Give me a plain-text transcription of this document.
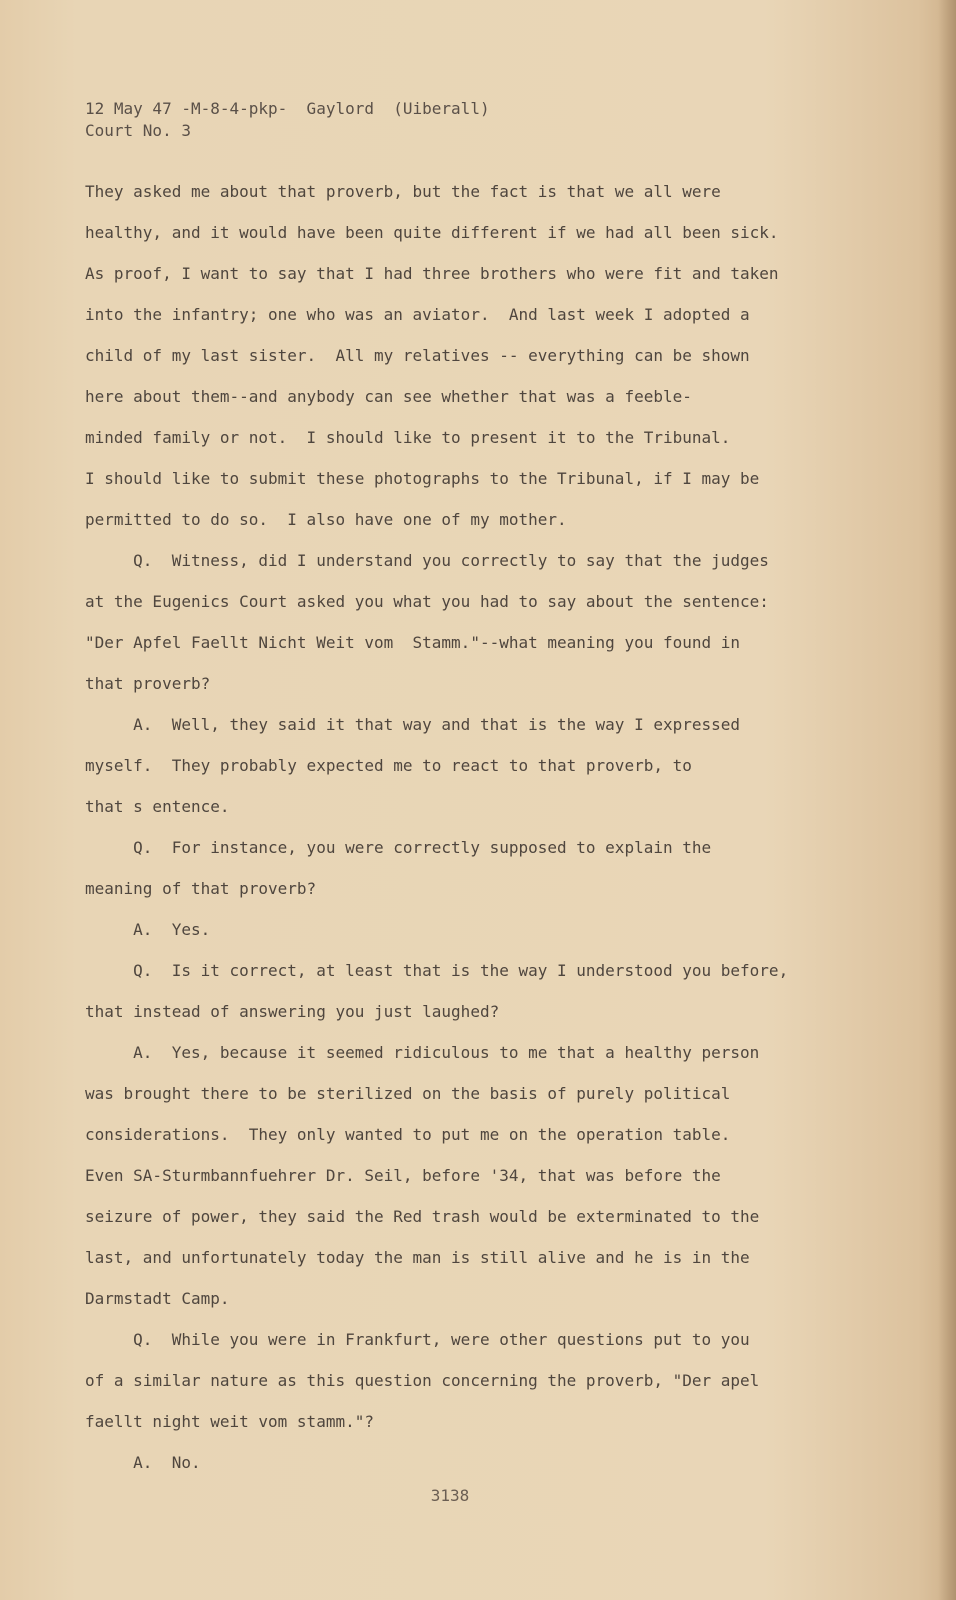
12 May 47 -M-8-4-pkp-  Gaylord  (Uiberall)
Court No. 3
They asked me about that proverb, but the fact is that we all were
healthy, and it would have been quite different if we had all been sick.
As proof, I want to say that I had three brothers who were fit and taken
into the infantry; one who was an aviator.  And last week I adopted a
child of my last sister.  All my relatives -- everything can be shown
here about them--and anybody can see whether that was a feeble-
minded family or not.  I should like to present it to the Tribunal.
I should like to submit these photographs to the Tribunal, if I may be
permitted to do so.  I also have one of my mother.
Q.  Witness, did I understand you correctly to say that the judges
at the Eugenics Court asked you what you had to say about the sentence:
"Der Apfel Faellt Nicht Weit vom  Stamm."--what meaning you found in
that proverb?
A.  Well, they said it that way and that is the way I expressed
myself.  They probably expected me to react to that proverb, to
that s entence.
Q.  For instance, you were correctly supposed to explain the
meaning of that proverb?
A.  Yes.
Q.  Is it correct, at least that is the way I understood you before,
that instead of answering you just laughed?
A.  Yes, because it seemed ridiculous to me that a healthy person
was brought there to be sterilized on the basis of purely political
considerations.  They only wanted to put me on the operation table.
Even SA-Sturmbannfuehrer Dr. Seil, before '34, that was before the
seizure of power, they said the Red trash would be exterminated to the
last, and unfortunately today the man is still alive and he is in the
Darmstadt Camp.
Q.  While you were in Frankfurt, were other questions put to you
of a similar nature as this question concerning the proverb, "Der apel
faellt night weit vom stamm."?
A.  No.
3138
